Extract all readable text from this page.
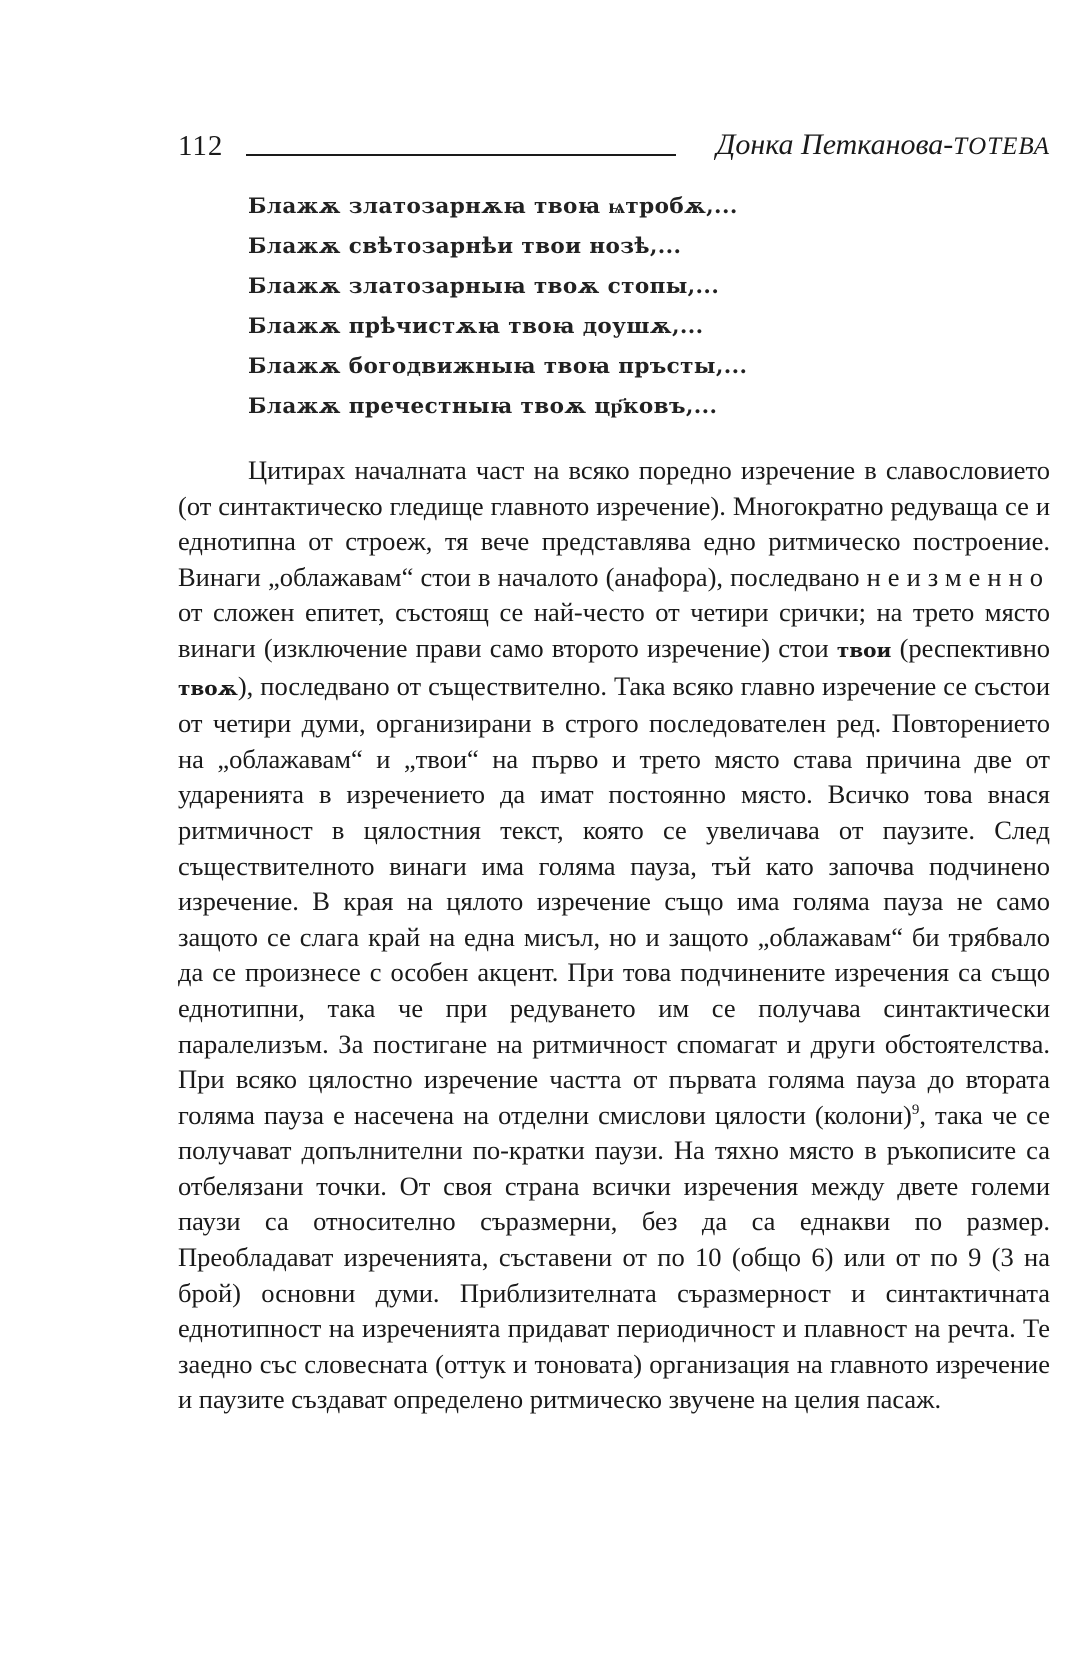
112	Донка Петканова-ТОТЕВА
Блажѫ златозарнѫꙗ твоꙗ ѩтробѫ,...
Блажѫ свѣтозарнѣи твои нозѣ,...
Блажѫ златозарныꙗ твоѫ стопы,...
Блажѫ прѣчистѫꙗ твоꙗ доушѫ,...
Блажѫ богодвижныꙗ твоꙗ пръсты,...
Блажѫ пречестныꙗ твоѫ цр҃ковъ,...

Цитирах началната част на всяко поредно изречение в славословието (от синтактическо гледище главното изречение). Многократно редуваща се и еднотипна от строеж, тя вече представлява едно ритмическо построение. Винаги „облажавам“ стои в началото (анафора), последвано неизменно от сложен епитет, състоящ се най-често от четири срички; на трето място винаги (изключение прави само второто изречение) стои твои (респективно твоѫ), последвано от съществително. Така всяко главно изречение се състои от четири думи, организирани в строго последователен ред. Повторението на „облажавам“ и „твои“ на първо и трето място става причина две от ударенията в изречението да имат постоянно място. Всичко това внася ритмичност в цялостния текст, която се увеличава от паузите. След съществителното винаги има голяма пауза, тъй като започва подчинено изречение. В края на цялото изречение също има голяма пауза не само защото се слага край на една мисъл, но и защото „облажавам“ би трябвало да се произнесе с особен акцент. При това подчинените изречения са също еднотипни, така че при редуването им се получава синтактически паралелизъм. За постигане на ритмичност спомагат и други обстоятелства. При всяко цялостно изречение частта от първата голяма пауза до втората голяма пауза е насечена на отделни смислови цялости (колони)$^9$, така че се получават допълнителни по-кратки паузи. На тяхно място в ръкописите са отбелязани точки. От своя страна всички изречения между двете големи паузи са относително съразмерни, без да са еднакви по размер. Преобладават изреченията, съставени от по 10 (общо 6) или от по 9 (3 на брой) основни думи. Приблизителната съразмерност и синтактичната еднотипност на изреченията придават периодичност и плавност на речта. Те заедно със словесната (оттук и тоновата) организация на главното изречение и паузите създават определено ритмическо звучене на целия пасаж.
